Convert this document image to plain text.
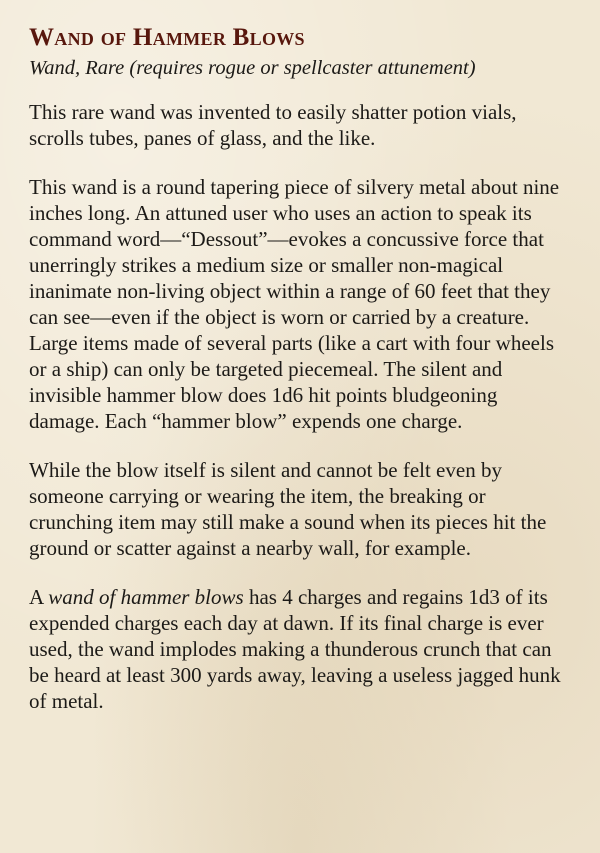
Wand of Hammer Blows

Wand, Rare (requires rogue or spellcaster attunement)

This rare wand was invented to easily shatter potion vials, scrolls tubes, panes of glass, and the like.

This wand is a round tapering piece of silvery metal about nine inches long. An attuned user who uses an action to speak its command word—“Dessout”—evokes a concussive force that unerringly strikes a medium size or smaller non-magical inanimate non-living object within a range of 60 feet that they can see—even if the object is worn or carried by a creature. Large items made of several parts (like a cart with four wheels or a ship) can only be targeted piecemeal. The silent and invisible hammer blow does 1d6 hit points bludgeoning damage. Each “hammer blow” expends one charge.

While the blow itself is silent and cannot be felt even by someone carrying or wearing the item, the breaking or crunching item may still make a sound when its pieces hit the ground or scatter against a nearby wall, for example.

A wand of hammer blows has 4 charges and regains 1d3 of its expended charges each day at dawn. If its final charge is ever used, the wand implodes making a thunderous crunch that can be heard at least 300 yards away, leaving a useless jagged hunk of metal.
